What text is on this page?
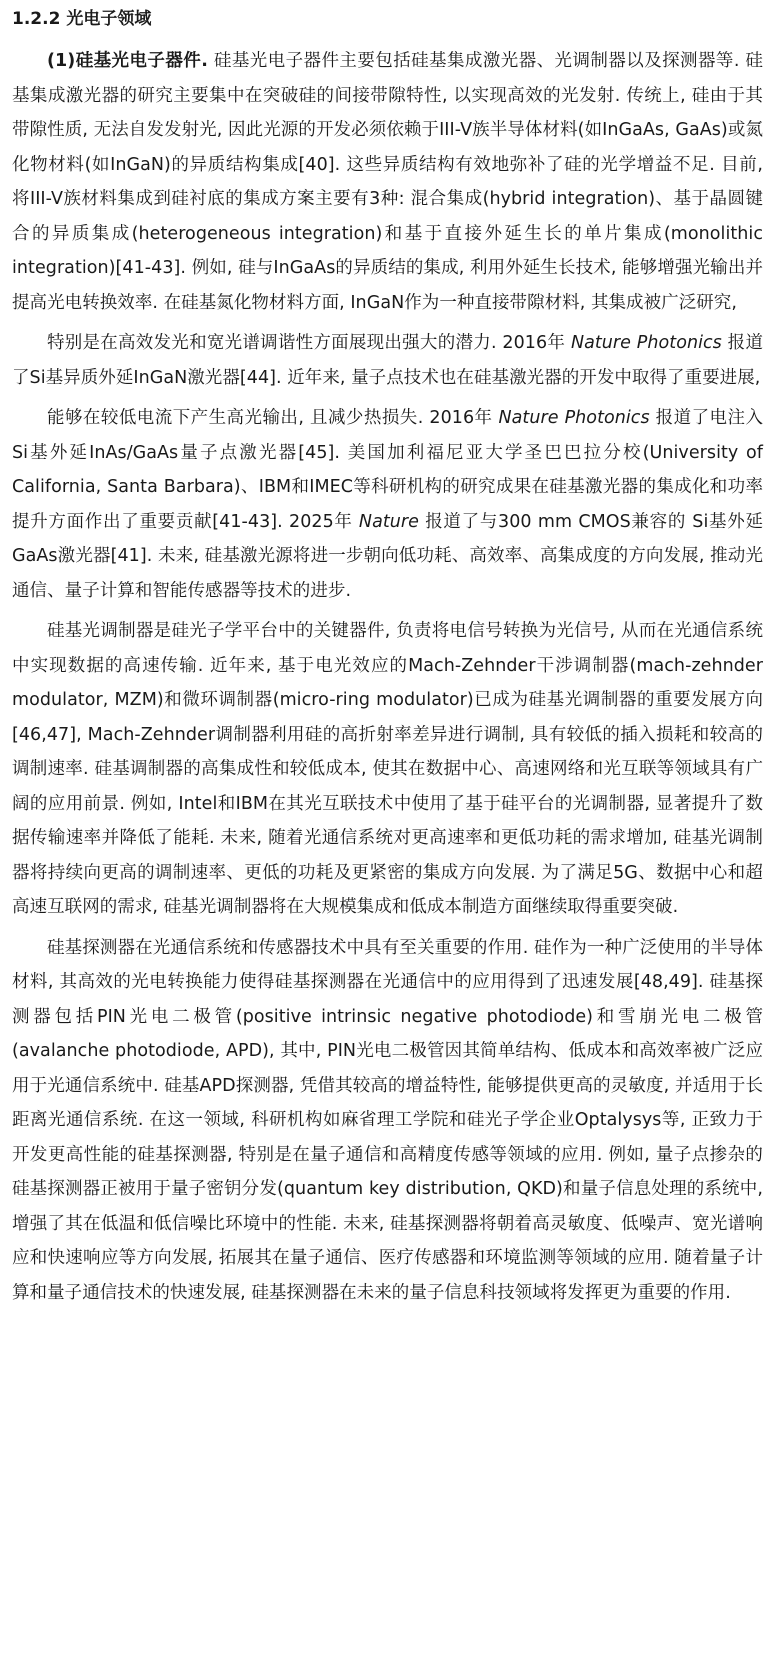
1.2.2 光电子领域

(1)硅基光电子器件. 硅基光电子器件主要包括硅基集成激光器、光调制器以及探测器等. 硅基集成激光器的研究主要集中在突破硅的间接带隙特性, 以实现高效的光发射. 传统上, 硅由于其带隙性质, 无法自发发射光, 因此光源的开发必须依赖于III-V族半导体材料(如InGaAs, GaAs)或氮化物材料(如InGaN)的异质结构集成[40]. 这些异质结构有效地弥补了硅的光学增益不足. 目前, 将III-V族材料集成到硅衬底的集成方案主要有3种: 混合集成(hybrid integration)、基于晶圆键合的异质集成(heterogeneous integration)和基于直接外延生长的单片集成(monolithic integration)[41-43]. 例如, 硅与InGaAs的异质结的集成, 利用外延生长技术, 能够增强光输出并提高光电转换效率. 在硅基氮化物材料方面, InGaN作为一种直接带隙材料, 其集成被广泛研究,

特别是在高效发光和宽光谱调谐性方面展现出强大的潜力. 2016年 Nature Photonics 报道了Si基异质外延InGaN激光器[44]. 近年来, 量子点技术也在硅基激光器的开发中取得了重要进展,

能够在较低电流下产生高光输出, 且减少热损失. 2016年 Nature Photonics 报道了电注入Si基外延InAs/GaAs量子点激光器[45]. 美国加利福尼亚大学圣巴巴拉分校(University of California, Santa Barbara)、IBM和IMEC等科研机构的研究成果在硅基激光器的集成化和功率提升方面作出了重要贡献[41-43]. 2025年 Nature 报道了与300 mm CMOS兼容的 Si基外延GaAs激光器[41]. 未来, 硅基激光源将进一步朝向低功耗、高效率、高集成度的方向发展, 推动光通信、量子计算和智能传感器等技术的进步.

硅基光调制器是硅光子学平台中的关键器件, 负责将电信号转换为光信号, 从而在光通信系统中实现数据的高速传输. 近年来, 基于电光效应的Mach-Zehnder干涉调制器(mach-zehnder modulator, MZM)和微环调制器(micro-ring modulator)已成为硅基光调制器的重要发展方向[46,47], Mach-Zehnder调制器利用硅的高折射率差异进行调制, 具有较低的插入损耗和较高的调制速率. 硅基调制器的高集成性和较低成本, 使其在数据中心、高速网络和光互联等领域具有广阔的应用前景. 例如, Intel和IBM在其光互联技术中使用了基于硅平台的光调制器, 显著提升了数据传输速率并降低了能耗. 未来, 随着光通信系统对更高速率和更低功耗的需求增加, 硅基光调制器将持续向更高的调制速率、更低的功耗及更紧密的集成方向发展. 为了满足5G、数据中心和超高速互联网的需求, 硅基光调制器将在大规模集成和低成本制造方面继续取得重要突破.

硅基探测器在光通信系统和传感器技术中具有至关重要的作用. 硅作为一种广泛使用的半导体材料, 其高效的光电转换能力使得硅基探测器在光通信中的应用得到了迅速发展[48,49]. 硅基探测器包括PIN光电二极管(positive intrinsic negative photodiode)和雪崩光电二极管(avalanche photodiode, APD), 其中, PIN光电二极管因其简单结构、低成本和高效率被广泛应用于光通信系统中. 硅基APD探测器, 凭借其较高的增益特性, 能够提供更高的灵敏度, 并适用于长距离光通信系统. 在这一领域, 科研机构如麻省理工学院和硅光子学企业Optalysys等, 正致力于开发更高性能的硅基探测器, 特别是在量子通信和高精度传感等领域的应用. 例如, 量子点掺杂的硅基探测器正被用于量子密钥分发(quantum key distribution, QKD)和量子信息处理的系统中, 增强了其在低温和低信噪比环境中的性能. 未来, 硅基探测器将朝着高灵敏度、低噪声、宽光谱响应和快速响应等方向发展, 拓展其在量子通信、医疗传感器和环境监测等领域的应用. 随着量子计算和量子通信技术的快速发展, 硅基探测器在未来的量子信息科技领域将发挥更为重要的作用.
